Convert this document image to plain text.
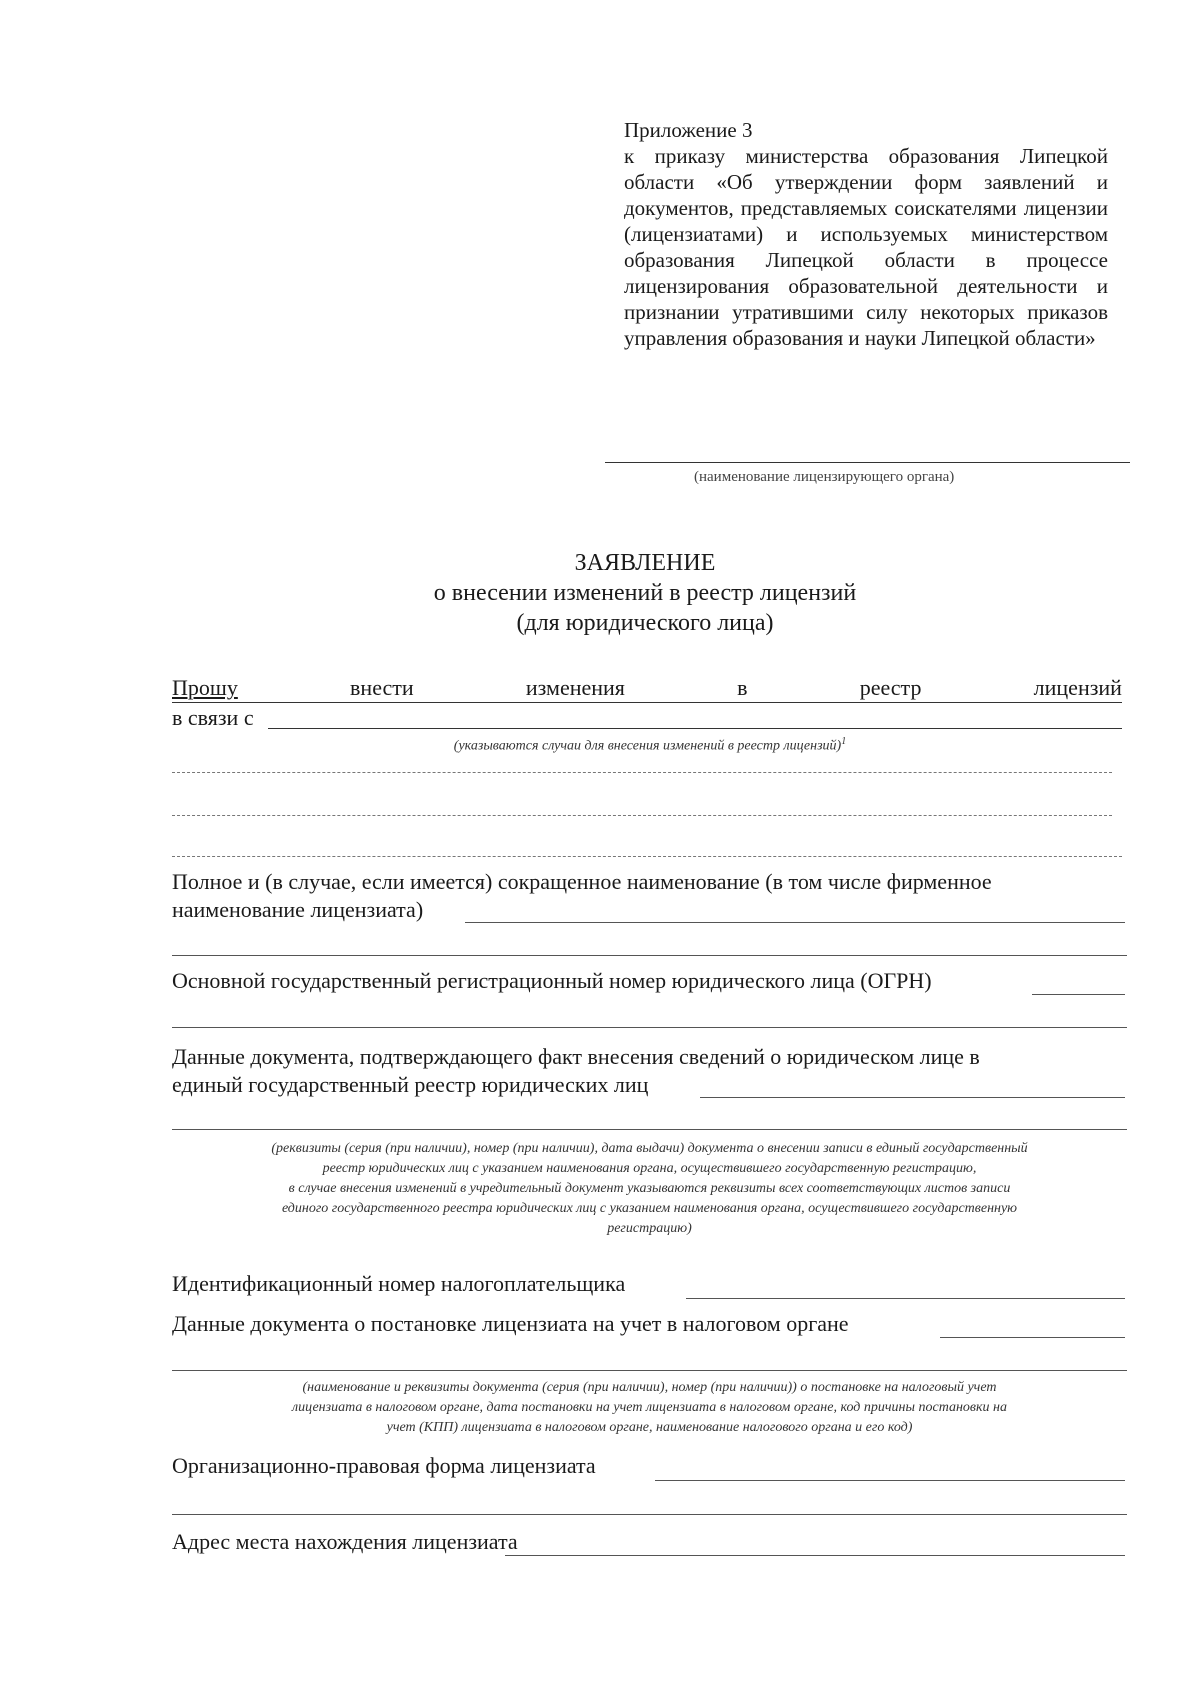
Приложение 3
к приказу министерства образования Липецкой области «Об утверждении форм заявлений и документов, представляемых соискателями лицензии (лицензиатами) и используемых министерством образования Липецкой области в процессе лицензирования образовательной деятельности и признании утратившими силу некоторых приказов управления образования и науки Липецкой области»
(наименование лицензирующего органа)
ЗАЯВЛЕНИЕ
о внесении изменений в реестр лицензий
(для юридического лица)
Прошу	внести	изменения	в	реестр	лицензий
в связи с
(указываются случаи для внесения изменений в реестр лицензий)$^1$
Полное и (в случае, если имеется) сокращенное наименование (в том числе фирменное
наименование лицензиата)
Основной государственный регистрационный номер юридического лица (ОГРН)
Данные документа, подтверждающего факт внесения сведений о юридическом лице в
единый государственный реестр юридических лиц
(реквизиты (серия (при наличии), номер (при наличии), дата выдачи) документа о внесении записи в единый государственный
реестр юридических лиц с указанием наименования органа, осуществившего государственную регистрацию,
в случае внесения изменений в учредительный документ указываются реквизиты всех соответствующих листов записи
единого государственного реестра юридических лиц с указанием наименования органа, осуществившего государственную
регистрацию)
Идентификационный номер налогоплательщика
Данные документа о постановке лицензиата на учет в налоговом органе
(наименование и реквизиты документа (серия (при наличии), номер (при наличии)) о постановке на налоговый учет
лицензиата в налоговом органе, дата постановки на учет лицензиата в налоговом органе, код причины постановки на
учет (КПП) лицензиата в налоговом органе, наименование налогового органа и его код)
Организационно-правовая форма лицензиата
Адрес места нахождения лицензиата
